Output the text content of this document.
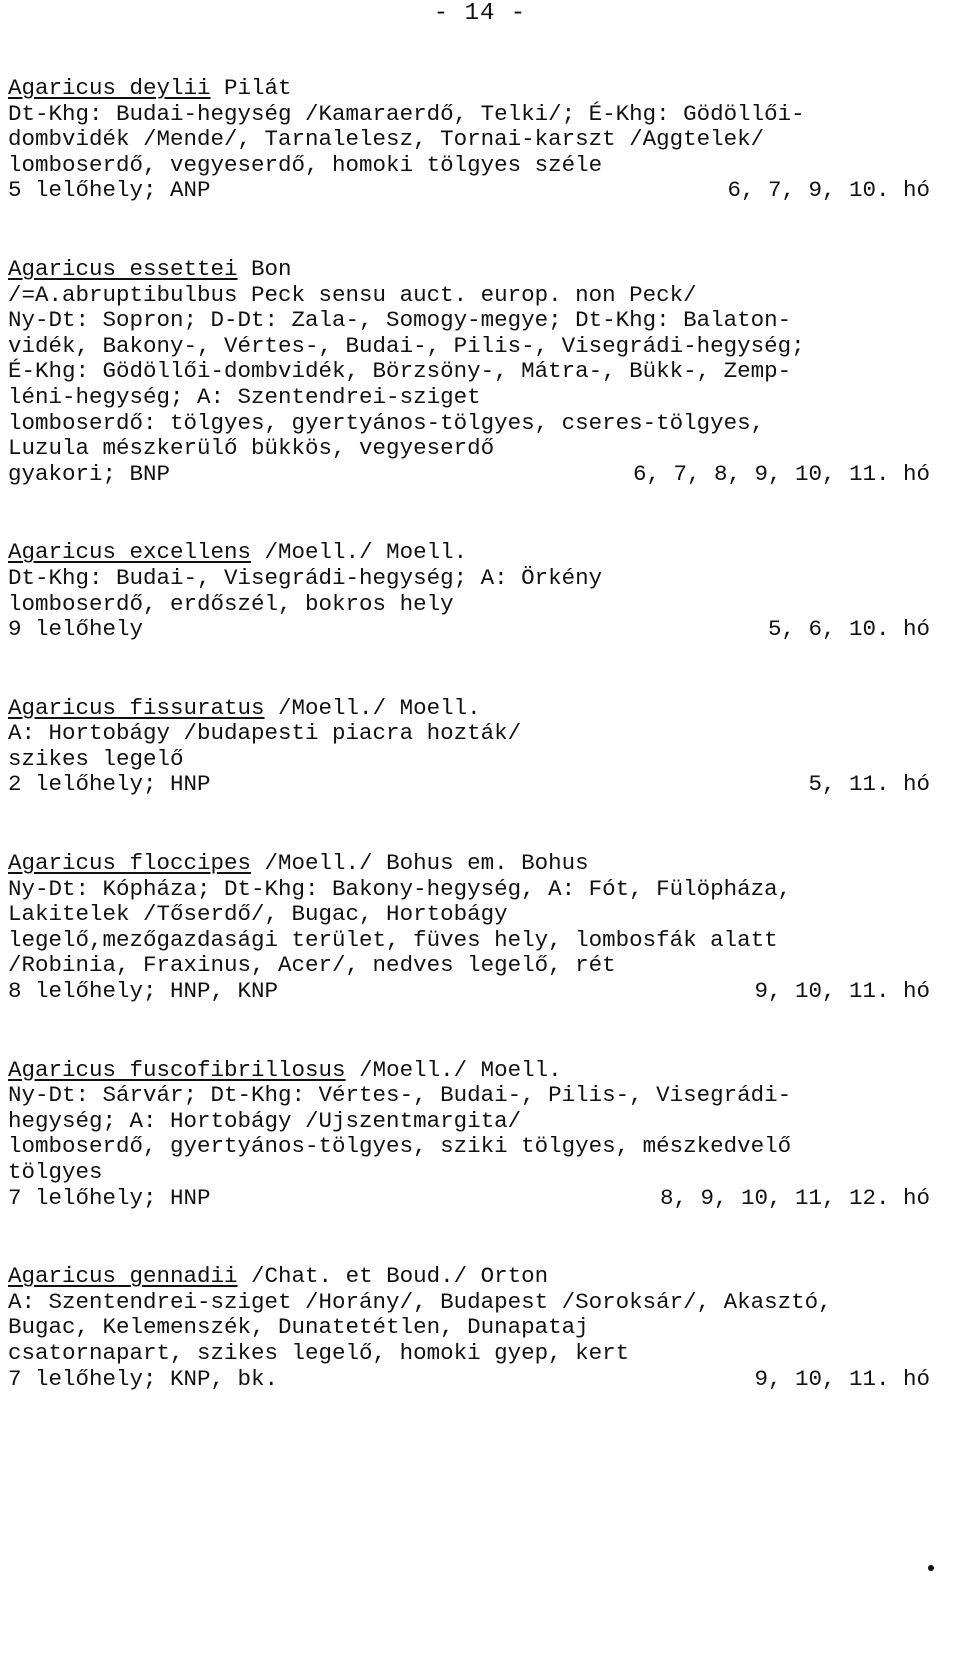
- 14 -
Agaricus deylii Pilát
Dt-Khg: Budai-hegység /Kamaraerdő, Telki/; É-Khg: Gödöllői-
dombvidék /Mende/, Tarnalelesz, Tornai-karszt /Aggtelek/
lomboserdő, vegyeserdő, homoki tölgyes széle
5 lelőhely; ANP	6, 7, 9, 10. hó
Agaricus essettei Bon
/=A.abruptibulbus Peck sensu auct. europ. non Peck/
Ny-Dt: Sopron; D-Dt: Zala-, Somogy-megye; Dt-Khg: Balaton-
vidék, Bakony-, Vértes-, Budai-, Pilis-, Visegrádi-hegység;
É-Khg: Gödöllői-dombvidék, Börzsöny-, Mátra-, Bükk-, Zemp-
léni-hegység; A: Szentendrei-sziget
lomboserdő: tölgyes, gyertyános-tölgyes, cseres-tölgyes,
Luzula mészkerülő bükkös, vegyeserdő
gyakori; BNP	6, 7, 8, 9, 10, 11. hó
Agaricus excellens /Moell./ Moell.
Dt-Khg: Budai-, Visegrádi-hegység; A: Örkény
lomboserdő, erdőszél, bokros hely
9 lelőhely	5, 6, 10. hó
Agaricus fissuratus /Moell./ Moell.
A: Hortobágy /budapesti piacra hozták/
szikes legelő
2 lelőhely; HNP	5, 11. hó
Agaricus floccipes /Moell./ Bohus em. Bohus
Ny-Dt: Kópháza; Dt-Khg: Bakony-hegység, A: Fót, Fülöpháza,
Lakitelek /Tőserdő/, Bugac, Hortobágy
legelő,mezőgazdasági terület, füves hely, lombosfák alatt
/Robinia, Fraxinus, Acer/, nedves legelő, rét
8 lelőhely; HNP, KNP	9, 10, 11. hó
Agaricus fuscofibrillosus /Moell./ Moell.
Ny-Dt: Sárvár; Dt-Khg: Vértes-, Budai-, Pilis-, Visegrádi-
hegység; A: Hortobágy /Ujszentmargita/
lomboserdő, gyertyános-tölgyes, sziki tölgyes, mészkedvelő
tölgyes
7 lelőhely; HNP	8, 9, 10, 11, 12. hó
Agaricus gennadii /Chat. et Boud./ Orton
A: Szentendrei-sziget /Horány/, Budapest /Soroksár/, Akasztó,
Bugac, Kelemenszék, Dunatetétlen, Dunapataj
csatornapart, szikes legelő, homoki gyep, kert
7 lelőhely; KNP, bk.	9, 10, 11. hó
